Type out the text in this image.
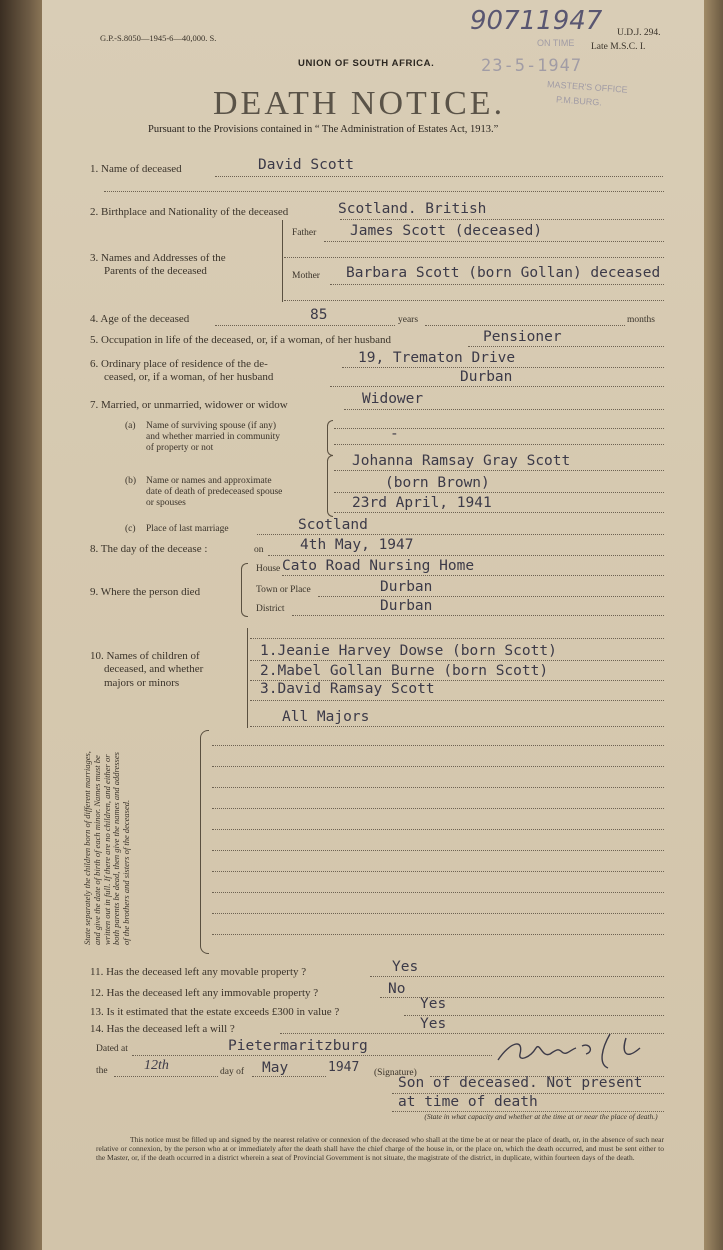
G.P.-S.8050—1945-6—40,000. S.
90711947 U.D.J. 294.
Late M.S.C. I.
UNION OF SOUTH AFRICA.	23-5-1947
ON TIME
MASTER'S OFFICE
P.M.BURG.
DEATH NOTICE.
Pursuant to the Provisions contained in “ The Administration of Estates Act, 1913.”
1. Name of deceased	David Scott
2. Birthplace and Nationality of the deceased	Scotland. British
3. Names and Addresses of the
Parents of the deceased
Father James Scott (deceased)
Mother Barbara Scott (born Gollan) deceased
4. Age of the deceased	85	years	months
5. Occupation in life of the deceased, or, if a woman, of her husband	Pensioner
6. Ordinary place of residence of the de-
ceased, or, if a woman, of her husband
19, Trematon Drive
Durban
7. Married, or unmarried, widower or widow	Widower
(a) Name of surviving spouse (if any)
and whether married in community
of property or not
-
(b) Name or names and approximate
date of death of predeceased spouse
or spouses
Johanna Ramsay Gray Scott
(born Brown)
23rd April, 1941
(c) Place of last marriage	Scotland
8. The day of the decease :	on	4th May, 1947
9. Where the person died
House Cato Road Nursing Home
Town or Place	Durban
District	Durban
10. Names of children of
deceased, and whether
majors or minors
1.Jeanie Harvey Dowse (born Scott)
2.Mabel Gollan Burne (born Scott)
3.David Ramsay Scott
All Majors
State separately the children born of different marriages, and give the date of birth of each minor. Names must be written out in full. If there are no children, and either or both parents be dead, then give the names and addresses of the brothers and sisters of the deceased.
11. Has the deceased left any movable property ?	Yes
12. Has the deceased left any immovable property ?	No
13. Is it estimated that the estate exceeds £300 in value ?	Yes
14. Has the deceased left a will ?	Yes
Dated at	Pietermaritzburg
the	12th	day of May	1947 (Signature)
Son of deceased. Not present
at time of death
(State in what capacity and whether at the time at or near the place of death.)
This notice must be filled up and signed by the nearest relative or connexion of the deceased who shall at the time be at or near the place of death, or, in the absence of such near relative or connexion, by the person who at or immediately after the death shall have the chief charge of the house in, or the place on, which the death occurred, and must be sent either to the Master, or, if the death occurred in a district wherein a seat of Provincial Government is not situate, the magistrate of the district, in duplicate, within fourteen days of the death.
